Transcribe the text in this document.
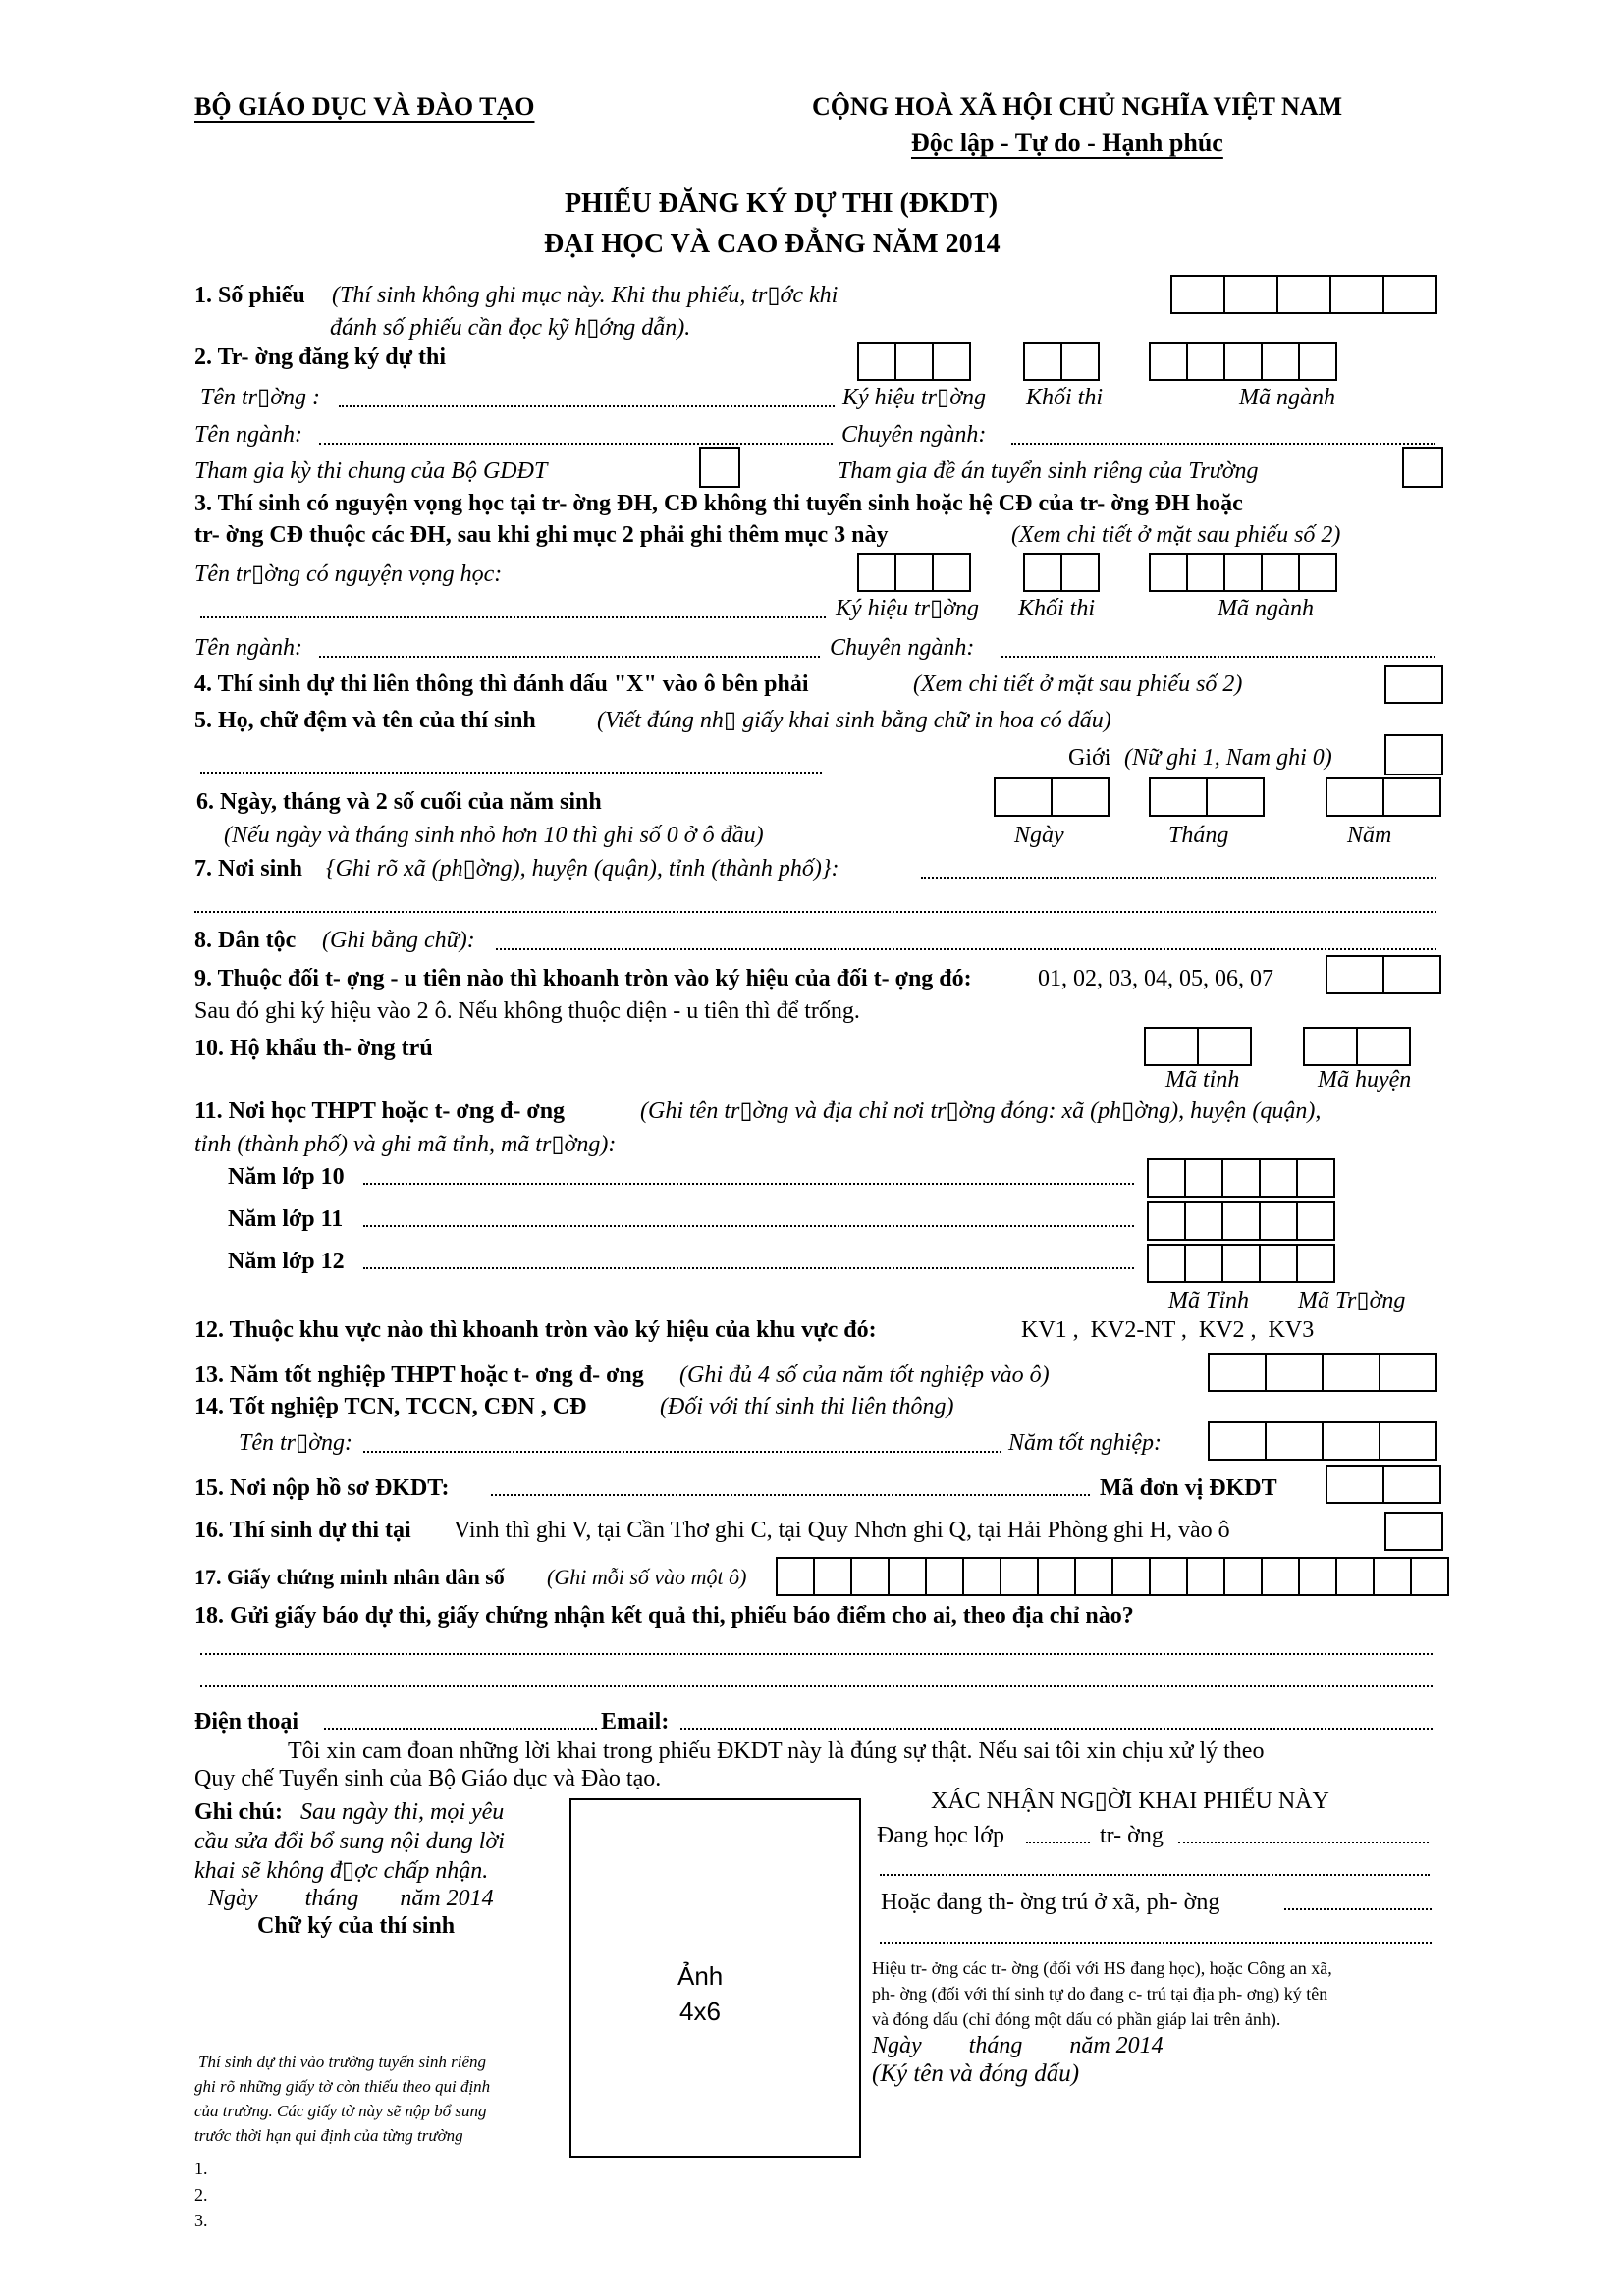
BỘ GIÁO DỤC VÀ ĐÀO TẠO	CỘNG HOÀ XÃ HỘI CHỦ NGHĨA VIỆT NAM
Độc lập - Tự do - Hạnh phúc
PHIẾU ĐĂNG KÝ DỰ THI (ĐKDT)
ĐẠI HỌC VÀ CAO ĐẲNG NĂM 2014
1. Số phiếu (Thí sinh không ghi mục này. Khi thu phiếu, tr▯ớc khi
đánh số phiếu cần đọc kỹ h▯ớng dẫn).
2. Tr- ờng đăng ký dự thi
Tên tr▯ờng :	Ký hiệu tr▯ờng Khối thi	Mã ngành
Tên ngành:	Chuyên ngành:
Tham gia kỳ thi chung của Bộ GDĐT	Tham gia đề án tuyển sinh riêng của Trường
3. Thí sinh có nguyện vọng học tại tr- ờng ĐH, CĐ không thi tuyển sinh hoặc hệ CĐ của tr- ờng ĐH hoặc
tr- ờng CĐ thuộc các ĐH, sau khi ghi mục 2 phải ghi thêm mục 3 này	(Xem chi tiết ở mặt sau phiếu số 2)
Tên tr▯ờng có nguyện vọng học:
Ký hiệu tr▯ờng Khối thi	Mã ngành
Tên ngành:	Chuyên ngành:
4. Thí sinh dự thi liên thông thì đánh dấu "X" vào ô bên phải	(Xem chi tiết ở mặt sau phiếu số 2)
5. Họ, chữ đệm và tên của thí sinh	(Viết đúng nh▯ giấy khai sinh bằng chữ in hoa có dấu)
Giới (Nữ ghi 1, Nam ghi 0)
6. Ngày, tháng và 2 số cuối của năm sinh
(Nếu ngày và tháng sinh nhỏ hơn 10 thì ghi số 0 ở ô đầu)	Ngày	Tháng	Năm
7. Nơi sinh {Ghi rõ xã (ph▯ờng), huyện (quận), tỉnh (thành phố)}:
8. Dân tộc (Ghi bằng chữ):
9. Thuộc đối t- ợng - u tiên nào thì khoanh tròn vào ký hiệu của đối t- ợng đó:	01, 02, 03, 04, 05, 06, 07
Sau đó ghi ký hiệu vào 2 ô. Nếu không thuộc diện - u tiên thì để trống.
10. Hộ khẩu th- ờng trú
Mã tỉnh	Mã huyện
11. Nơi học THPT hoặc t- ơng đ- ơng	(Ghi tên tr▯ờng và địa chỉ nơi tr▯ờng đóng: xã (ph▯ờng), huyện (quận),
tỉnh (thành phố) và ghi mã tỉnh, mã tr▯ờng):
Năm lớp 10
Năm lớp 11
Năm lớp 12
Mã Tỉnh Mã Tr▯ờng
12. Thuộc khu vực nào thì khoanh tròn vào ký hiệu của khu vực đó:	KV1 ,  KV2-NT ,  KV2 ,  KV3
13. Năm tốt nghiệp THPT hoặc t- ơng đ- ơng (Ghi đủ 4 số của năm tốt nghiệp vào ô)
14. Tốt nghiệp TCN, TCCN, CĐN , CĐ	(Đối với thí sinh thi liên thông)
Tên tr▯ờng:	Năm tốt nghiệp:
15. Nơi nộp hồ sơ ĐKDT:	Mã đơn vị ĐKDT
16. Thí sinh dự thi tại Vinh thì ghi V, tại Cần Thơ ghi C, tại Quy Nhơn ghi Q, tại Hải Phòng ghi H, vào ô
17. Giấy chứng minh nhân dân số (Ghi mỗi số vào một ô)
18. Gửi giấy báo dự thi, giấy chứng nhận kết quả thi, phiếu báo điểm cho ai, theo địa chỉ nào?
Điện thoại	Email:
Tôi xin cam đoan những lời khai trong phiếu ĐKDT này là đúng sự thật. Nếu sai tôi xin chịu xử lý theo
Quy chế Tuyển sinh của Bộ Giáo dục và Đào tạo.
Ghi chú: Sau ngày thi, mọi yêu
cầu sửa đổi bổ sung nội dung lời
khai sẽ không đ▯ợc chấp nhận.
Ngày        tháng       năm 2014
Chữ ký của thí sinh
Thí sinh dự thi vào trường tuyển sinh riêng
ghi rõ những giấy tờ còn thiếu theo qui định
của trường. Các giấy tờ này sẽ nộp bổ sung
trước thời hạn qui định của từng trường
1.
2.
3.
Ảnh
4x6
XÁC NHẬN NG▯ỜI KHAI PHIẾU NÀY
Đang học lớp	tr- ờng
Hoặc đang th- ờng trú ở xã, ph- ờng
Hiệu tr- ởng các tr- ờng (đối với HS đang học), hoặc Công an xã,
ph- ờng (đối với thí sinh tự do đang c- trú tại địa ph- ơng) ký tên
và đóng dấu (chỉ đóng một dấu có phần giáp lai trên ảnh).
Ngày        tháng        năm 2014
(Ký tên và đóng dấu)
